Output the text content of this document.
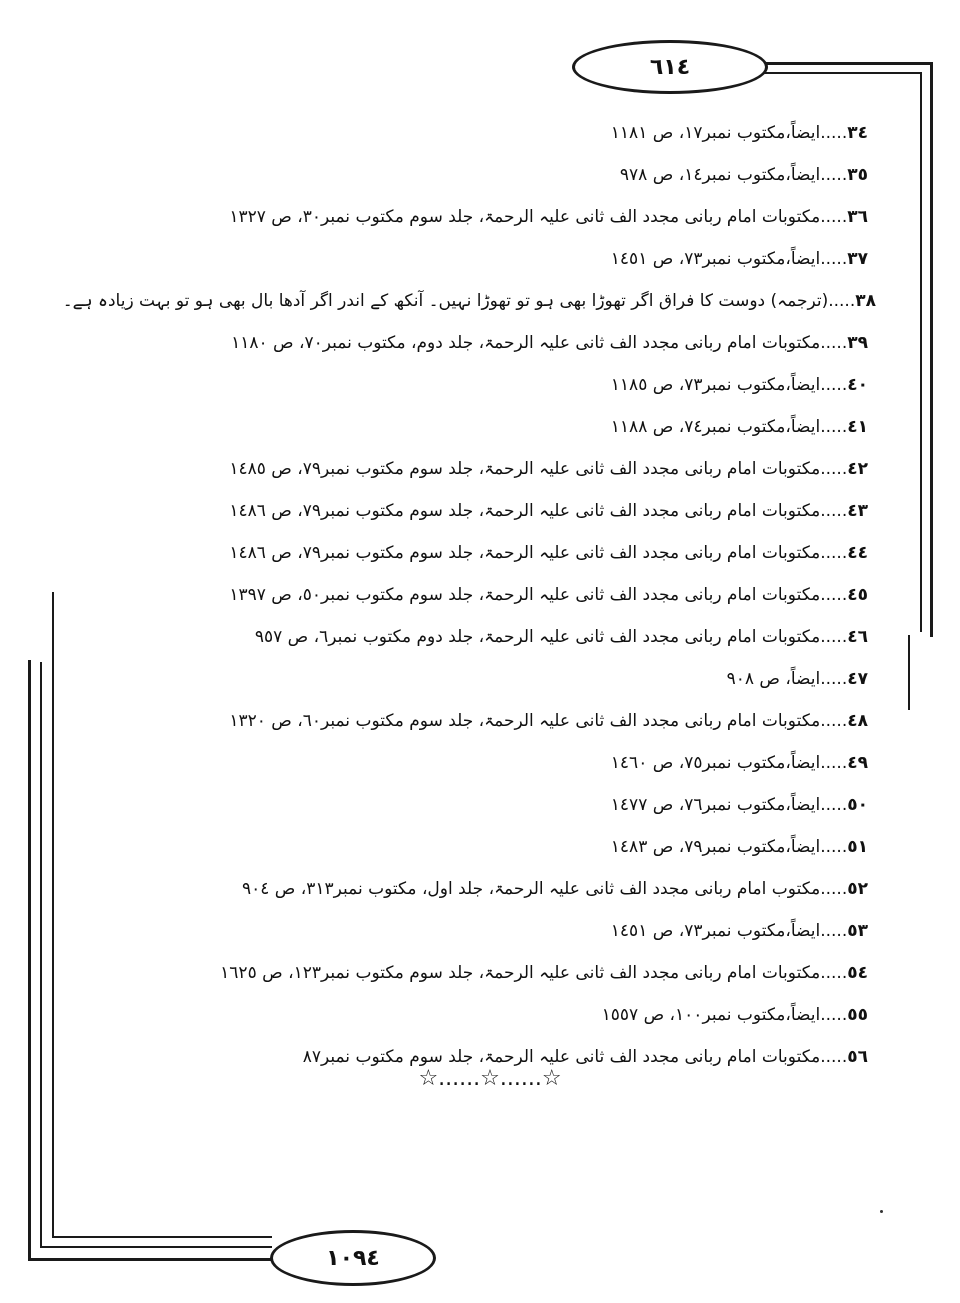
٦١٤
٣٤.....ایضاً،مکتوب نمبر١٧، ص ١١٨١
٣٥.....ایضاً،مکتوب نمبر١٤، ص ٩٧٨
٣٦.....مکتوبات امام ربانی مجدد الف ثانی علیہ الرحمۃ، جلد سوم مکتوب نمبر٣٠، ص ١٣٢٧
٣٧.....ایضاً،مکتوب نمبر٧٣، ص ١٤٥١
٣٨.....(ترجمہ) دوست کا فراق اگر تھوڑا بھی ہو تو تھوڑا نہیں۔ آنکھ کے اندر اگر آدھا بال بھی ہو تو بہت زیادہ ہے۔
٣٩.....مکتوبات امام ربانی مجدد الف ثانی علیہ الرحمۃ، جلد دوم، مکتوب نمبر٧٠، ص ١١٨٠
٤٠.....ایضاً،مکتوب نمبر٧٣، ص ١١٨٥
٤١.....ایضاً،مکتوب نمبر٧٤، ص ١١٨٨
٤٢.....مکتوبات امام ربانی مجدد الف ثانی علیہ الرحمۃ، جلد سوم مکتوب نمبر٧٩، ص ١٤٨٥
٤٣.....مکتوبات امام ربانی مجدد الف ثانی علیہ الرحمۃ، جلد سوم مکتوب نمبر٧٩، ص ١٤٨٦
٤٤.....مکتوبات امام ربانی مجدد الف ثانی علیہ الرحمۃ، جلد سوم مکتوب نمبر٧٩، ص ١٤٨٦
٤٥.....مکتوبات امام ربانی مجدد الف ثانی علیہ الرحمۃ، جلد سوم مکتوب نمبر٥٠، ص ١٣٩٧
٤٦.....مکتوبات امام ربانی مجدد الف ثانی علیہ الرحمۃ، جلد دوم مکتوب نمبر٦، ص ٩٥٧
٤٧.....ایضاً، ص ٩٠٨
٤٨.....مکتوبات امام ربانی مجدد الف ثانی علیہ الرحمۃ، جلد سوم مکتوب نمبر٦٠، ص ١٣٢٠
٤٩.....ایضاً،مکتوب نمبر٧٥، ص ١٤٦٠
٥٠.....ایضاً،مکتوب نمبر٧٦، ص ١٤٧٧
٥١.....ایضاً،مکتوب نمبر٧٩، ص ١٤٨٣
٥٢.....مکتوب امام ربانی مجدد الف ثانی علیہ الرحمۃ، جلد اول، مکتوب نمبر٣١٣، ص ٩٠٤
٥٣.....ایضاً،مکتوب نمبر٧٣، ص ١٤٥١
٥٤.....مکتوبات امام ربانی مجدد الف ثانی علیہ الرحمۃ، جلد سوم مکتوب نمبر١٢٣، ص ١٦٢٥
٥٥.....ایضاً،مکتوب نمبر١٠٠، ص ١٥٥٧
٥٦.....مکتوبات امام ربانی مجدد الف ثانی علیہ الرحمۃ، جلد سوم مکتوب نمبر٨٧
☆......☆......☆
١٠٩٤
